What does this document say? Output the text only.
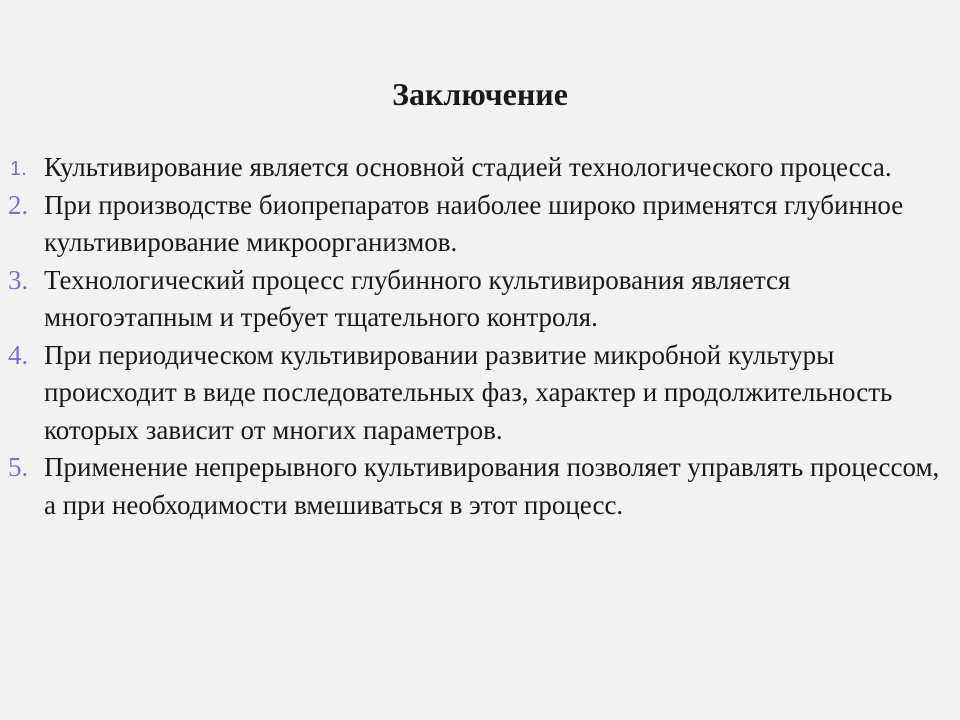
Заключение
1. Культивирование является основной стадией технологического процесса.
2. При производстве биопрепаратов наиболее широко применятся глубинное культивирование микроорганизмов.
3. Технологический процесс глубинного культивирования является многоэтапным и требует тщательного контроля.
4. При периодическом культивировании развитие микробной культуры происходит в виде последовательных фаз, характер и продолжительность которых зависит от многих параметров.
5. Применение непрерывного культивирования позволяет управлять процессом, а при необходимости вмешиваться в этот процесс.
